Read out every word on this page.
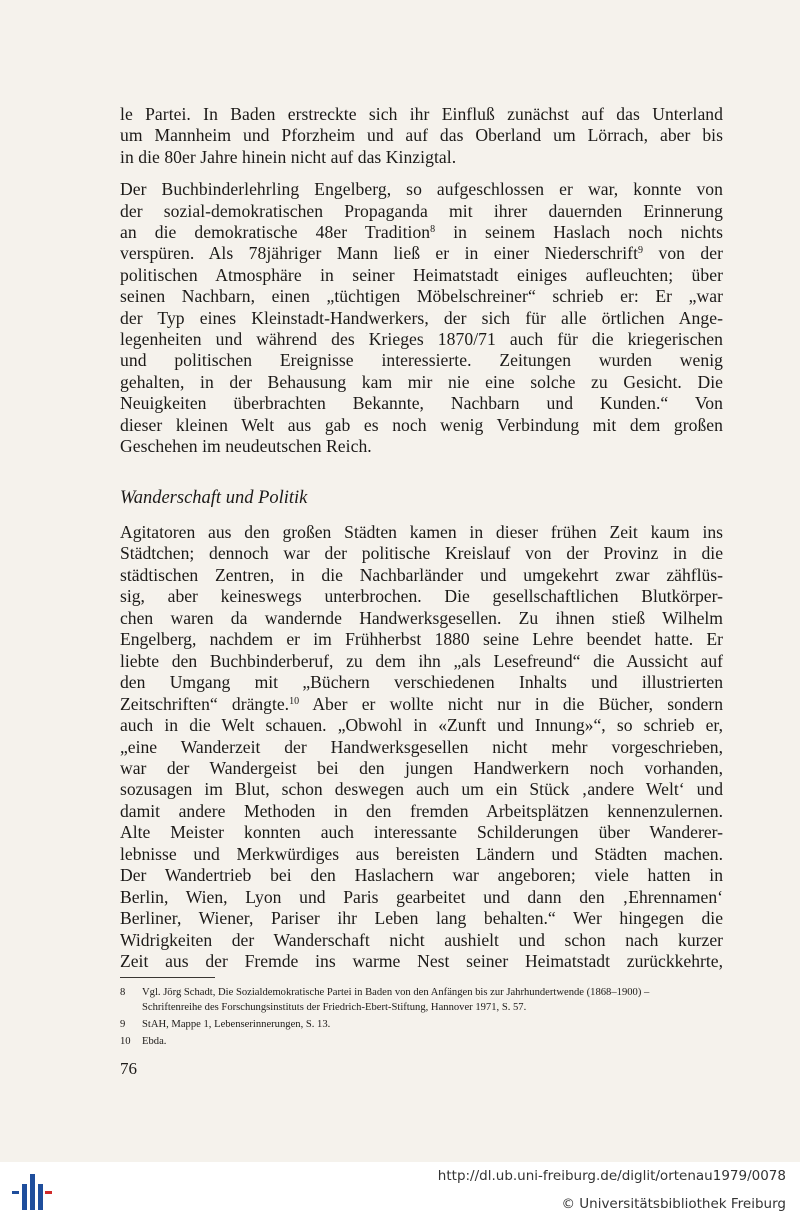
le Partei. In Baden erstreckte sich ihr Einfluß zunächst auf das Unterland
um Mannheim und Pforzheim und auf das Oberland um Lörrach, aber bis
in die 80er Jahre hinein nicht auf das Kinzigtal.

Der Buchbinderlehrling Engelberg, so aufgeschlossen er war, konnte von
der sozial-demokratischen Propaganda mit ihrer dauernden Erinnerung
an die demokratische 48er Tradition$^8$ in seinem Haslach noch nichts
verspüren. Als 78jähriger Mann ließ er in einer Niederschrift$^9$ von der
politischen Atmosphäre in seiner Heimatstadt einiges aufleuchten; über
seinen Nachbarn, einen „tüchtigen Möbelschreiner“ schrieb er: Er „war
der Typ eines Kleinstadt-Handwerkers, der sich für alle örtlichen Ange-
legenheiten und während des Krieges 1870/71 auch für die kriegerischen
und politischen Ereignisse interessierte. Zeitungen wurden wenig
gehalten, in der Behausung kam mir nie eine solche zu Gesicht. Die
Neuigkeiten überbrachten Bekannte, Nachbarn und Kunden.“ Von
dieser kleinen Welt aus gab es noch wenig Verbindung mit dem großen
Geschehen im neudeutschen Reich.

Wanderschaft und Politik
Agitatoren aus den großen Städten kamen in dieser frühen Zeit kaum ins
Städtchen; dennoch war der politische Kreislauf von der Provinz in die
städtischen Zentren, in die Nachbarländer und umgekehrt zwar zähflüs-
sig, aber keineswegs unterbrochen. Die gesellschaftlichen Blutkörper-
chen waren da wandernde Handwerksgesellen. Zu ihnen stieß Wilhelm
Engelberg, nachdem er im Frühherbst 1880 seine Lehre beendet hatte. Er
liebte den Buchbinderberuf, zu dem ihn „als Lesefreund“ die Aussicht auf
den Umgang mit „Büchern verschiedenen Inhalts und illustrierten
Zeitschriften“ drängte.$^{10}$ Aber er wollte nicht nur in die Bücher, sondern
auch in die Welt schauen. „Obwohl in «Zunft und Innung»“, so schrieb er,
„eine Wanderzeit der Handwerksgesellen nicht mehr vorgeschrieben,
war der Wandergeist bei den jungen Handwerkern noch vorhanden,
sozusagen im Blut, schon deswegen auch um ein Stück ‚andere Welt‘ und
damit andere Methoden in den fremden Arbeitsplätzen kennenzulernen.
Alte Meister konnten auch interessante Schilderungen über Wanderer-
lebnisse und Merkwürdiges aus bereisten Ländern und Städten machen.
Der Wandertrieb bei den Haslachern war angeboren; viele hatten in
Berlin, Wien, Lyon und Paris gearbeitet und dann den ‚Ehrennamen‘
Berliner, Wiener, Pariser ihr Leben lang behalten.“ Wer hingegen die
Widrigkeiten der Wanderschaft nicht aushielt und schon nach kurzer
Zeit aus der Fremde ins warme Nest seiner Heimatstadt zurückkehrte,
8	Vgl. Jörg Schadt, Die Sozialdemokratische Partei in Baden von den Anfängen bis zur Jahrhundertwende (1868–1900) –
Schriftenreihe des Forschungsinstituts der Friedrich-Ebert-Stiftung, Hannover 1971, S. 57.
9	StAH, Mappe 1, Lebenserinnerungen, S. 13.
10	Ebda.
76
http://dl.ub.uni-freiburg.de/diglit/ortenau1979/0078
© Universitätsbibliothek Freiburg
